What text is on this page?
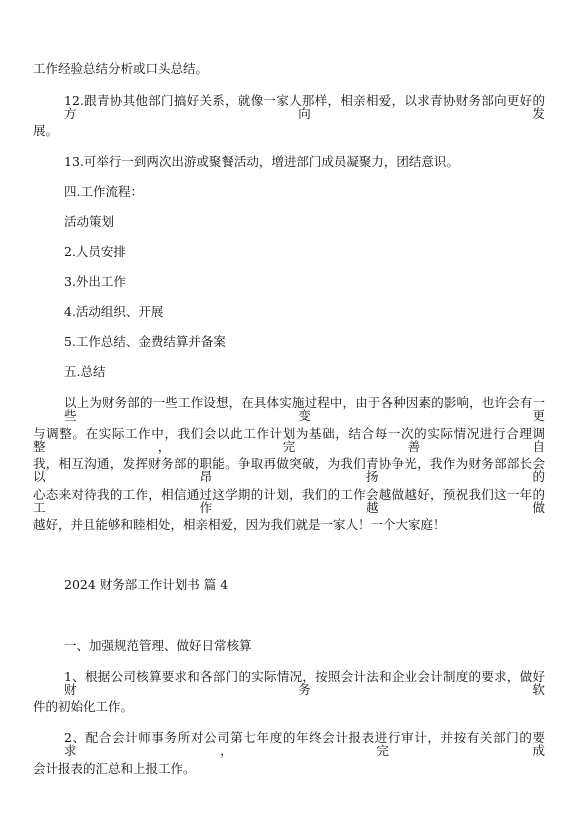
工作经验总结分析或口头总结。
12.跟青协其他部门搞好关系，就像一家人那样，相亲相爱，以求青协财务部向更好的方向发
展。
13.可举行一到两次出游或聚餐活动，增进部门成员凝聚力，团结意识。
四.工作流程：
活动策划
2.人员安排
3.外出工作
4.活动组织、开展
5.工作总结、金费结算并备案
五.总结
以上为财务部的一些工作设想，在具体实施过程中，由于各种因素的影响，也许会有一些变更
与调整。在实际工作中，我们会以此工作计划为基础，结合每一次的实际情况进行合理调整，完善自
我，相互沟通，发挥财务部的职能。争取再做突破，为我们青协争光，我作为财务部部长会以昂扬的
心态来对待我的工作，相信通过这学期的计划，我们的工作会越做越好，预祝我们这一年的工作越做
越好，并且能够和睦相处，相亲相爱，因为我们就是一家人！一个大家庭！
2024 财务部工作计划书 篇 4
一、加强规范管理、做好日常核算
1、根据公司核算要求和各部门的实际情况，按照会计法和企业会计制度的要求，做好财务软
件的初始化工作。
2、配合会计师事务所对公司第七年度的年终会计报表进行审计，并按有关部门的要求，完成
会计报表的汇总和上报工作。
